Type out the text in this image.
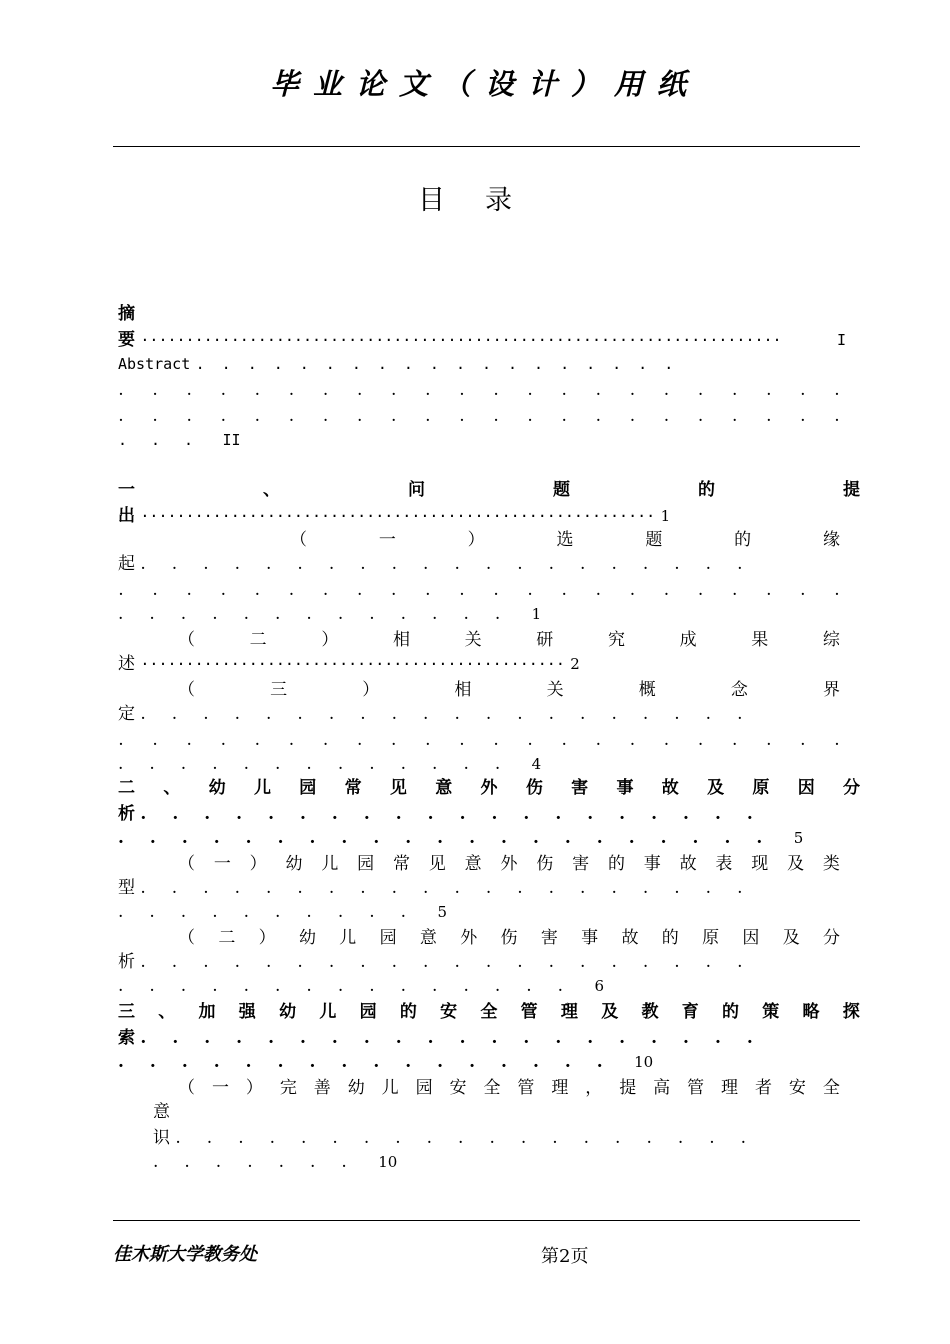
毕业论文（设计）用纸
目录
摘
要 ·······································································	I
Abstract ...................
. . . . . . . . . . . . . . . . . . . . . .
. . . . . . . . . . . . . . . . . . . . . .
... II
一	、	问	题	的	提
出 ························································· 1
（	一	）	选	题	的	缘
起 ....................
. . . . . . . . . . . . . . . . . . . . . .
............. 1
（	二	）	相	关	研	究	成	果	综
述 ··············································· 2
（	三	）	相	关	概	念	界
定 ....................
. . . . . . . . . . . . . . . . . . . . . .
............. 4
二 、 幼 儿 园 常 见 意 外 伤 害 事 故 及 原 因 分
析 ....................
..................... 5
（ 一 ） 幼 儿 园 常 见 意 外 伤 害 的 事 故 表 现 及 类
型 ....................
.......... 5
（ 二 ） 幼 儿 园 意 外 伤 害 事 故 的 原 因 及 分
析 ....................
............... 6
三 、 加 强 幼 儿 园 的 安 全 管 理 及 教 育 的 策 略 探
索 ....................
................ 10
（ 一 ） 完 善 幼 儿 园 安 全 管 理 ， 提 高 管 理 者 安 全
意
识 ...................
....... 10
佳木斯大学教务处	第2页
